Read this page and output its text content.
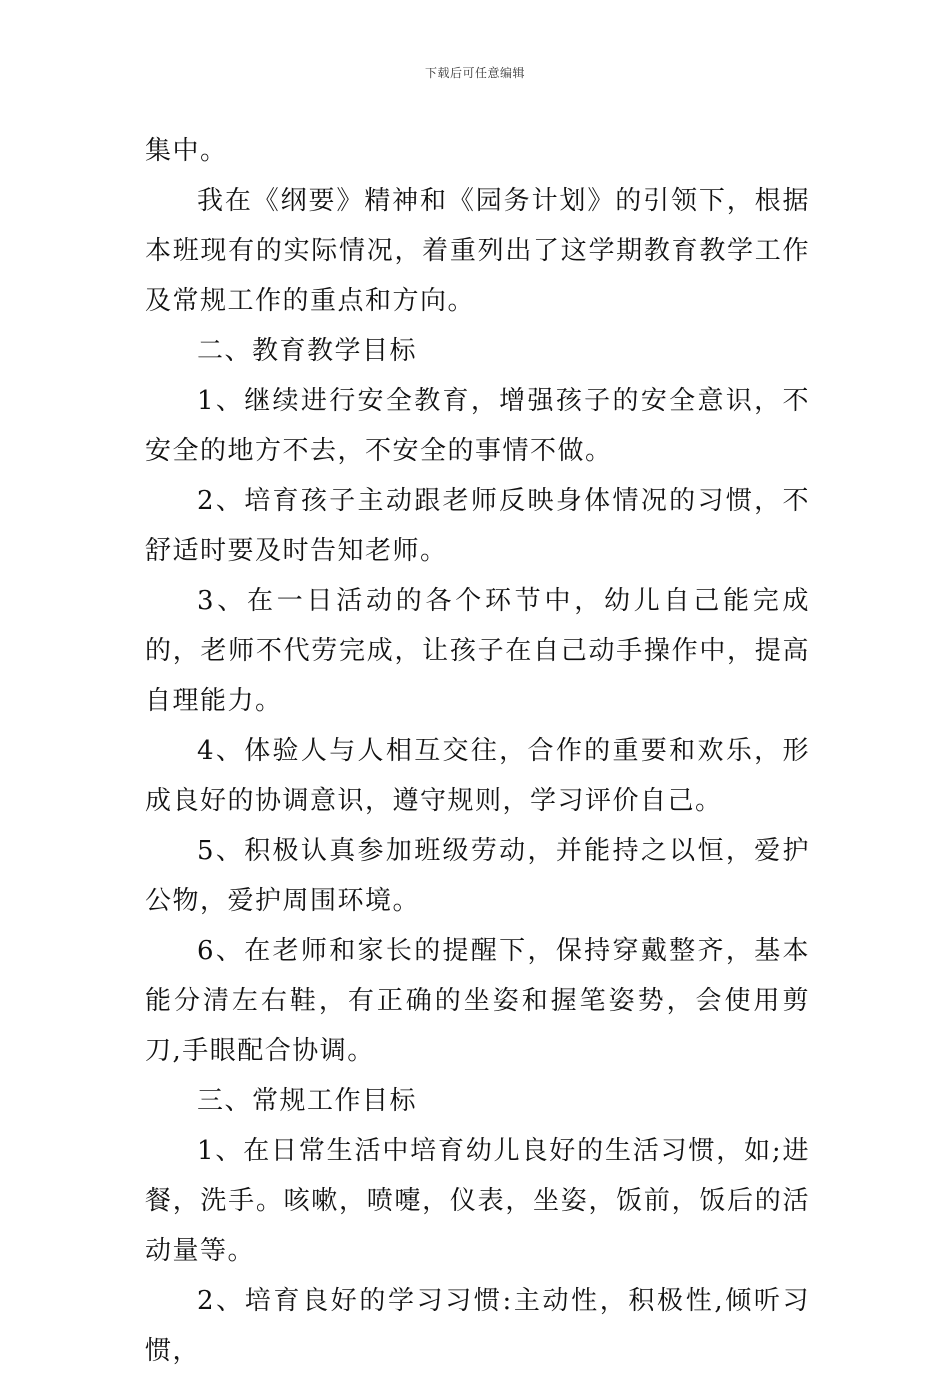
下载后可任意编辑

集中。

我在《纲要》精神和《园务计划》的引领下，根据本班现有的实际情况，着重列出了这学期教育教学工作及常规工作的重点和方向。

二、教育教学目标

1、继续进行安全教育，增强孩子的安全意识，不安全的地方不去，不安全的事情不做。

2、培育孩子主动跟老师反映身体情况的习惯，不舒适时要及时告知老师。

3、在一日活动的各个环节中，幼儿自己能完成的，老师不代劳完成，让孩子在自己动手操作中，提高自理能力。

4、体验人与人相互交往，合作的重要和欢乐，形成良好的协调意识，遵守规则，学习评价自己。

5、积极认真参加班级劳动，并能持之以恒，爱护公物，爱护周围环境。

6、在老师和家长的提醒下，保持穿戴整齐，基本能分清左右鞋，有正确的坐姿和握笔姿势，会使用剪刀,手眼配合协调。

三、常规工作目标

1、在日常生活中培育幼儿良好的生活习惯，如;进餐，洗手。咳嗽，喷嚏，仪表，坐姿，饭前，饭后的活动量等。

2、培育良好的学习习惯:主动性，积极性,倾听习惯，
